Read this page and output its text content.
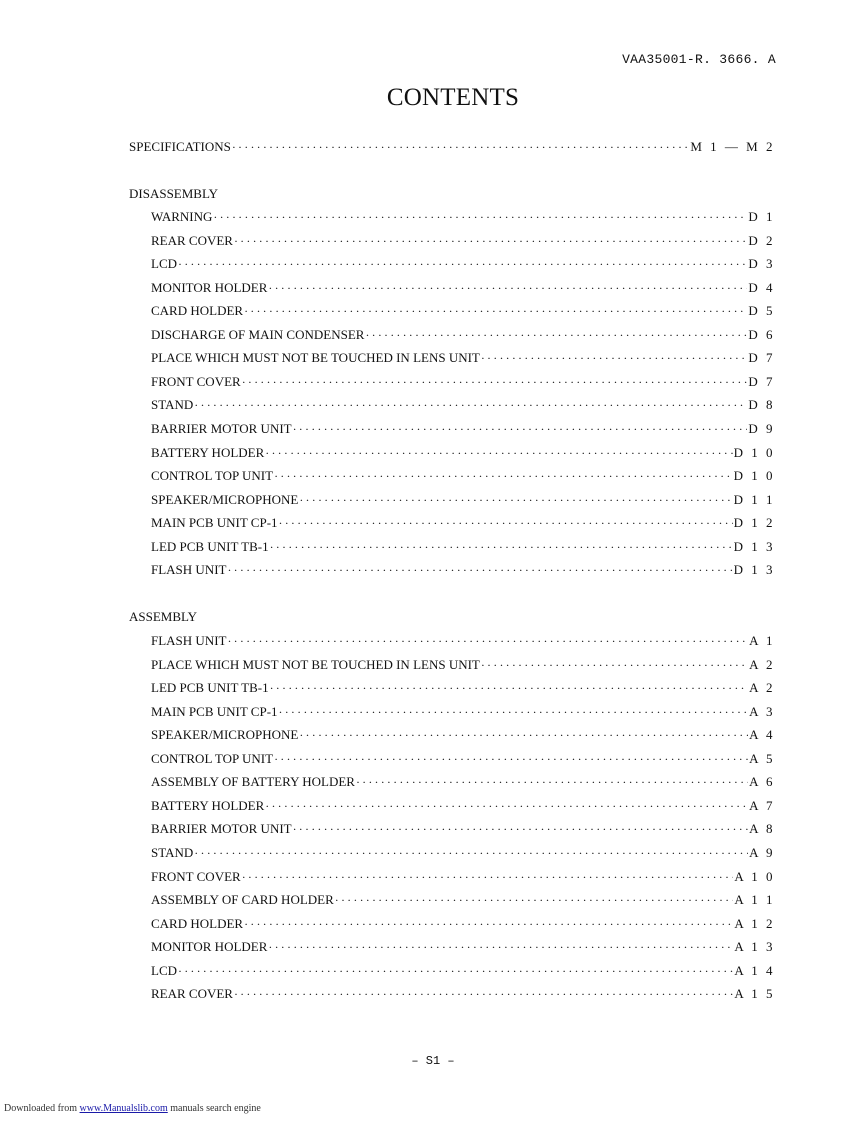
VAA35001-R. 3666. A
CONTENTS
SPECIFICATIONS ·····	M 1 — M 2
DISASSEMBLY
WARNING ·····	D 1
REAR COVER ·····	D 2
LCD ·····	D 3
MONITOR HOLDER ·····	D 4
CARD HOLDER ·····	D 5
DISCHARGE OF MAIN CONDENSER ·····	D 6
PLACE WHICH MUST NOT BE TOUCHED IN LENS UNIT ·····	D 7
FRONT COVER ·····	D 7
STAND ·····	D 8
BARRIER MOTOR UNIT ·····	D 9
BATTERY HOLDER ·····	D 1 0
CONTROL TOP UNIT ·····	D 1 0
SPEAKER/MICROPHONE ·····	D 1 1
MAIN PCB UNIT CP-1 ·····	D 1 2
LED PCB UNIT TB-1 ·····	D 1 3
FLASH UNIT ·····	D 1 3
ASSEMBLY
FLASH UNIT ·····	A 1
PLACE WHICH MUST NOT BE TOUCHED IN LENS UNIT ·····	A 2
LED PCB UNIT TB-1 ·····	A 2
MAIN PCB UNIT CP-1 ·····	A 3
SPEAKER/MICROPHONE ·····	A 4
CONTROL TOP UNIT ·····	A 5
ASSEMBLY OF BATTERY HOLDER ·····	A 6
BATTERY HOLDER ·····	A 7
BARRIER MOTOR UNIT ·····	A 8
STAND ·····	A 9
FRONT COVER ·····	A 1 0
ASSEMBLY OF CARD HOLDER ·····	A 1 1
CARD HOLDER ·····	A 1 2
MONITOR HOLDER ·····	A 1 3
LCD ·····	A 1 4
REAR COVER ·····	A 1 5
– S1 –
Downloaded from www.Manualslib.com manuals search engine
